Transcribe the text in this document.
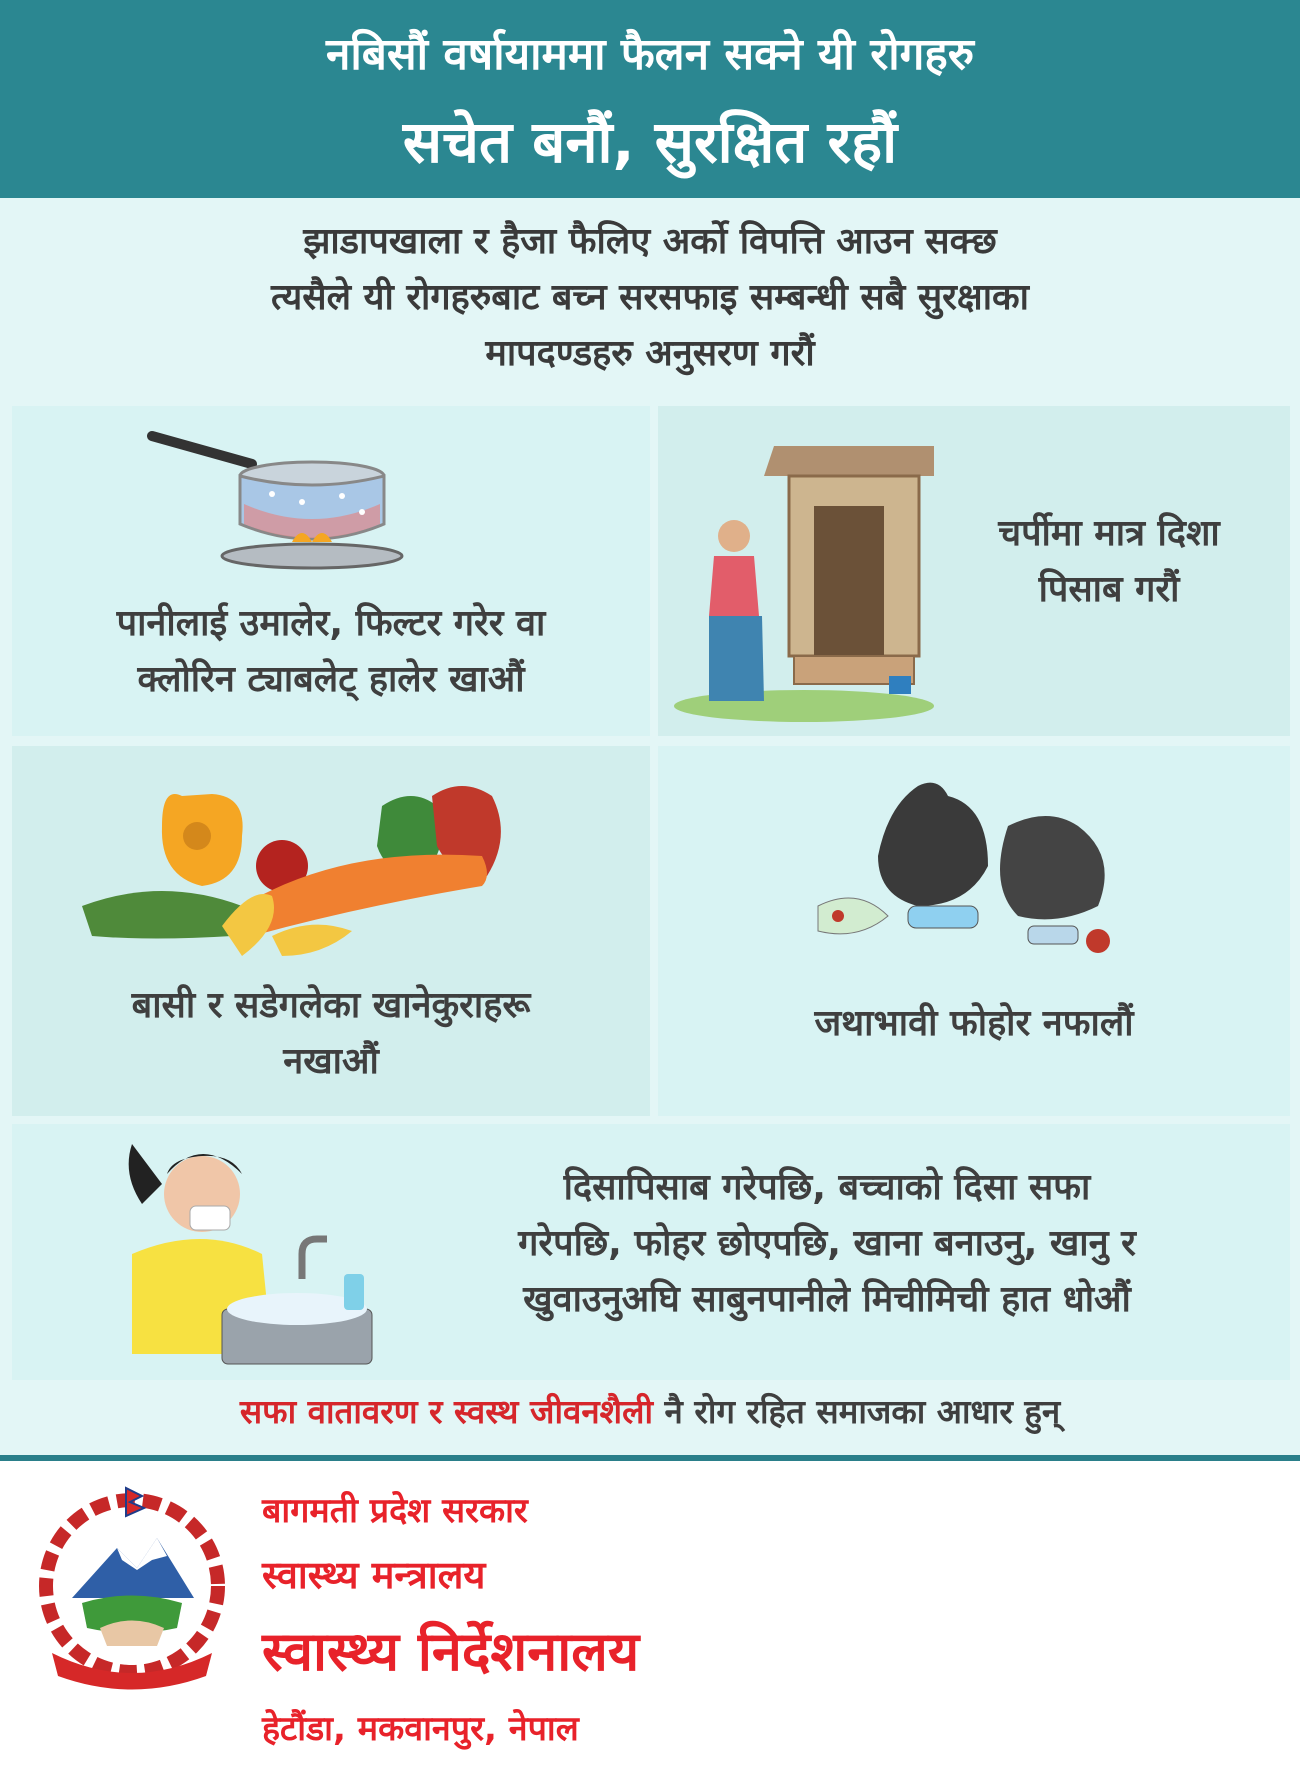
नबिसौं वर्षायाममा फैलन सक्ने यी रोगहरु
सचेत बनौं, सुरक्षित रहौं
झाडापखाला र हैजा फैलिए अर्को विपत्ति आउन सक्छ
त्यसैले यी रोगहरुबाट बच्न सरसफाइ सम्बन्धी सबै सुरक्षाका
मापदण्डहरु अनुसरण गरौं
पानीलाई उमालेर, फिल्टर गरेर वा
क्लोरिन ट्याबलेट् हालेर खाऔं
चर्पीमा मात्र दिशा
पिसाब गरौं
बासी र सडेगलेका खानेकुराहरू
नखाऔं
जथाभावी फोहोर नफालौं
दिसापिसाब गरेपछि, बच्चाको दिसा सफा
गरेपछि, फोहर छोएपछि, खाना बनाउनु, खानु र
खुवाउनुअघि साबुनपानीले मिचीमिची हात धोऔं
सफा वातावरण र स्वस्थ जीवनशैली नै रोग रहित समाजका आधार हुन्
जननी जन्मभूमिश्च स्वर्गादपि गरीयसी
बागमती प्रदेश सरकार
स्वास्थ्य मन्त्रालय
स्वास्थ्य निर्देशनालय
हेटौंडा, मकवानपुर, नेपाल
